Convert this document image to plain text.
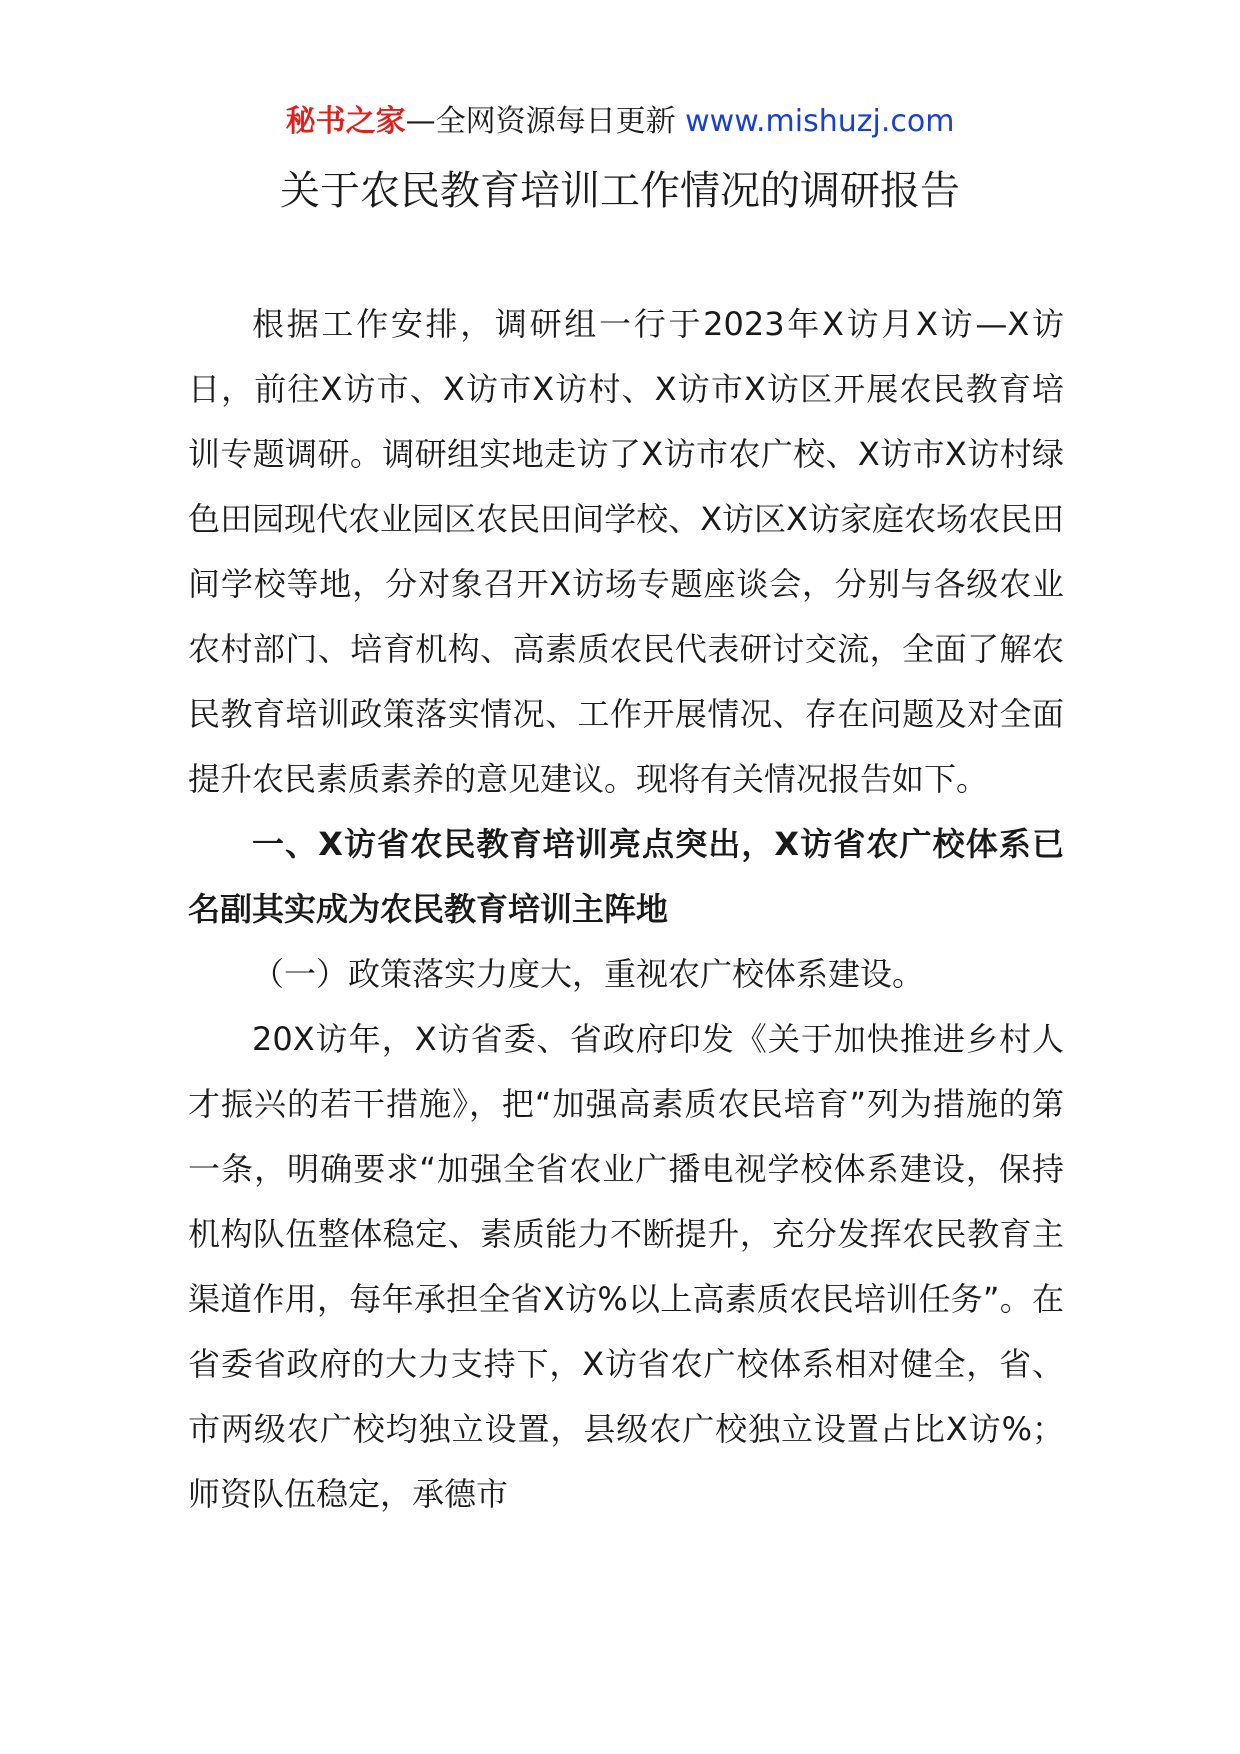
秘书之家—全网资源每日更新 www.mishuzj.com
关于农民教育培训工作情况的调研报告

根据工作安排，调研组一行于2023年X访月X访—X访日，前往X访市、X访市X访村、X访市X访区开展农民教育培训专题调研。调研组实地走访了X访市农广校、X访市X访村绿色田园现代农业园区农民田间学校、X访区X访家庭农场农民田间学校等地，分对象召开X访场专题座谈会，分别与各级农业农村部门、培育机构、高素质农民代表研讨交流，全面了解农民教育培训政策落实情况、工作开展情况、存在问题及对全面提升农民素质素养的意见建议。现将有关情况报告如下。

一、X访省农民教育培训亮点突出，X访省农广校体系已名副其实成为农民教育培训主阵地

（一）政策落实力度大，重视农广校体系建设。

20X访年，X访省委、省政府印发《关于加快推进乡村人才振兴的若干措施》，把“加强高素质农民培育”列为措施的第一条，明确要求“加强全省农业广播电视学校体系建设，保持机构队伍整体稳定、素质能力不断提升，充分发挥农民教育主渠道作用，每年承担全省X访%以上高素质农民培训任务”。在省委省政府的大力支持下，X访省农广校体系相对健全，省、市两级农广校均独立设置，县级农广校独立设置占比X访%；师资队伍稳定，承德市
